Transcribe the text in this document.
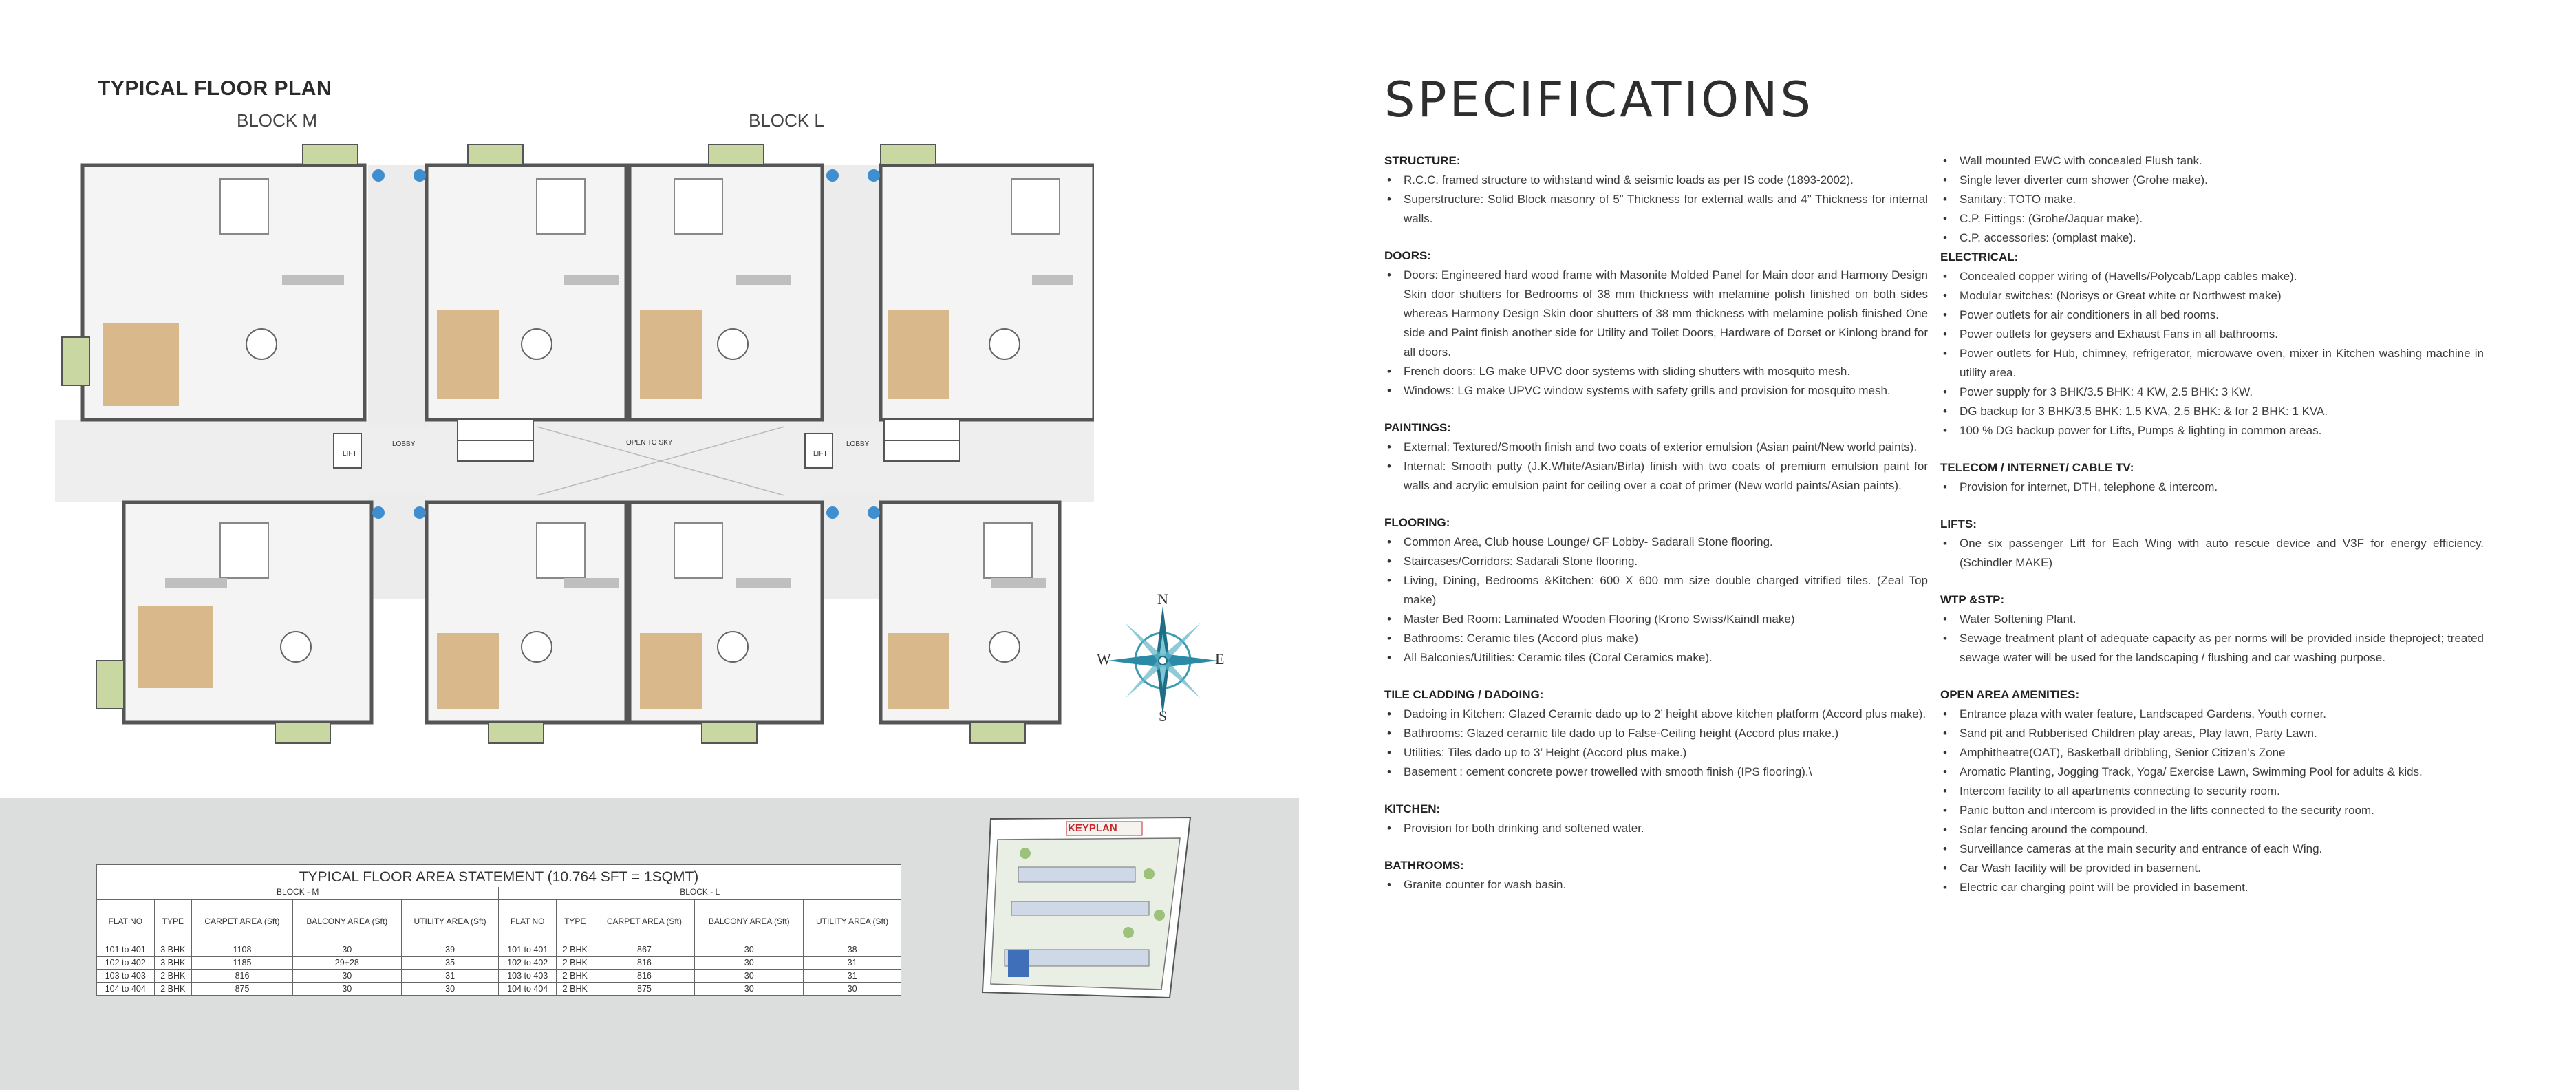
TYPICAL FLOOR PLAN
BLOCK M	BLOCK L
LIFT
LOBBY	OPEN TO SKY
LIFT
LOBBY
N
S
E
W
TYPICAL FLOOR AREA STATEMENT (10.764 SFT = 1SQMT)									
BLOCK - M					BLOCK - L				
FLAT NO	TYPE	CARPET AREA (Sft)	BALCONY AREA (Sft)	UTILITY AREA (Sft)	FLAT NO	TYPE	CARPET AREA (Sft)	BALCONY AREA (Sft)	UTILITY AREA (Sft)
101 to 401	3 BHK	1108	30	39	101 to 401	2 BHK	867	30	38
102 to 402	3 BHK	1185	29+28	35	102 to 402	2 BHK	816	30	31
103 to 403	2 BHK	816	30	31	103 to 403	2 BHK	816	30	31
104 to 404	2 BHK	875	30	30	104 to 404	2 BHK	875	30	30
KEYPLAN
SPECIFICATIONS
STRUCTURE:
• R.C.C. framed structure to withstand wind & seismic loads as per IS code (1893-2002).
• Superstructure: Solid Block masonry of 5” Thickness for external walls and 4” Thickness for internal walls.
DOORS:
• Doors: Engineered hard wood frame with Masonite Molded Panel for Main door and Harmony Design Skin door shutters for Bedrooms of 38 mm thickness with melamine polish finished on both sides whereas Harmony Design Skin door shutters of 38 mm thickness with melamine polish finished One side and Paint finish another side for Utility and Toilet Doors, Hardware of Dorset or Kinlong brand for all doors.
• French doors: LG make UPVC door systems with sliding shutters with mosquito mesh.
• Windows: LG make UPVC window systems with safety grills and provision for mosquito mesh.
PAINTINGS:
• External: Textured/Smooth finish and two coats of exterior emulsion (Asian paint/New world paints).
• Internal: Smooth putty (J.K.White/Asian/Birla) finish with two coats of premium emulsion paint for walls and acrylic emulsion paint for ceiling over a coat of primer (New world paints/Asian paints).
FLOORING:
• Common Area, Club house Lounge/ GF Lobby- Sadarali Stone flooring.
• Staircases/Corridors: Sadarali Stone flooring.
• Living, Dining, Bedrooms &Kitchen: 600 X 600 mm size double charged vitrified tiles. (Zeal Top make)
• Master Bed Room: Laminated Wooden Flooring (Krono Swiss/Kaindl make)
• Bathrooms: Ceramic tiles (Accord plus make)
• All Balconies/Utilities: Ceramic tiles (Coral Ceramics make).
TILE CLADDING / DADOING:
• Dadoing in Kitchen: Glazed Ceramic dado up to 2’ height above kitchen platform (Accord plus make).
• Bathrooms: Glazed ceramic tile dado up to False-Ceiling height (Accord plus make.)
• Utilities: Tiles dado up to 3’ Height (Accord plus make.)
• Basement : cement concrete power trowelled with smooth finish (IPS flooring).\
KITCHEN:
• Provision for both drinking and softened water.
BATHROOMS:
• Granite counter for wash basin.
• Wall mounted EWC with concealed Flush tank.
• Single lever diverter cum shower (Grohe make).
• Sanitary: TOTO make.
• C.P. Fittings: (Grohe/Jaquar make).
• C.P. accessories: (omplast make).
ELECTRICAL:
• Concealed copper wiring of (Havells/Polycab/Lapp cables make).
• Modular switches: (Norisys or Great white or Northwest make)
• Power outlets for air conditioners in all bed rooms.
• Power outlets for geysers and Exhaust Fans in all bathrooms.
• Power outlets for Hub, chimney, refrigerator, microwave oven, mixer in Kitchen washing machine in utility area.
• Power supply for 3 BHK/3.5 BHK: 4 KW, 2.5 BHK: 3 KW.
• DG backup for 3 BHK/3.5 BHK: 1.5 KVA, 2.5 BHK: & for 2 BHK: 1 KVA.
• 100 % DG backup power for Lifts, Pumps & lighting in common areas.
TELECOM / INTERNET/ CABLE TV:
• Provision for internet, DTH, telephone & intercom.
LIFTS:
• One six passenger Lift for Each Wing with auto rescue device and V3F for energy efficiency. (Schindler MAKE)
WTP &STP:
• Water Softening Plant.
• Sewage treatment plant of adequate capacity as per norms will be provided inside theproject; treated sewage water will be used for the landscaping / flushing and car washing purpose.
OPEN AREA AMENITIES:
• Entrance plaza with water feature, Landscaped Gardens, Youth corner.
• Sand pit and Rubberised Children play areas, Play lawn, Party Lawn.
• Amphitheatre(OAT), Basketball dribbling, Senior Citizen's Zone
• Aromatic Planting, Jogging Track, Yoga/ Exercise Lawn, Swimming Pool for adults & kids.
• Intercom facility to all apartments connecting to security room.
• Panic button and intercom is provided in the lifts connected to the security room.
• Solar fencing around the compound.
• Surveillance cameras at the main security and entrance of each Wing.
• Car Wash facility will be provided in basement.
• Electric car charging point will be provided in basement.
